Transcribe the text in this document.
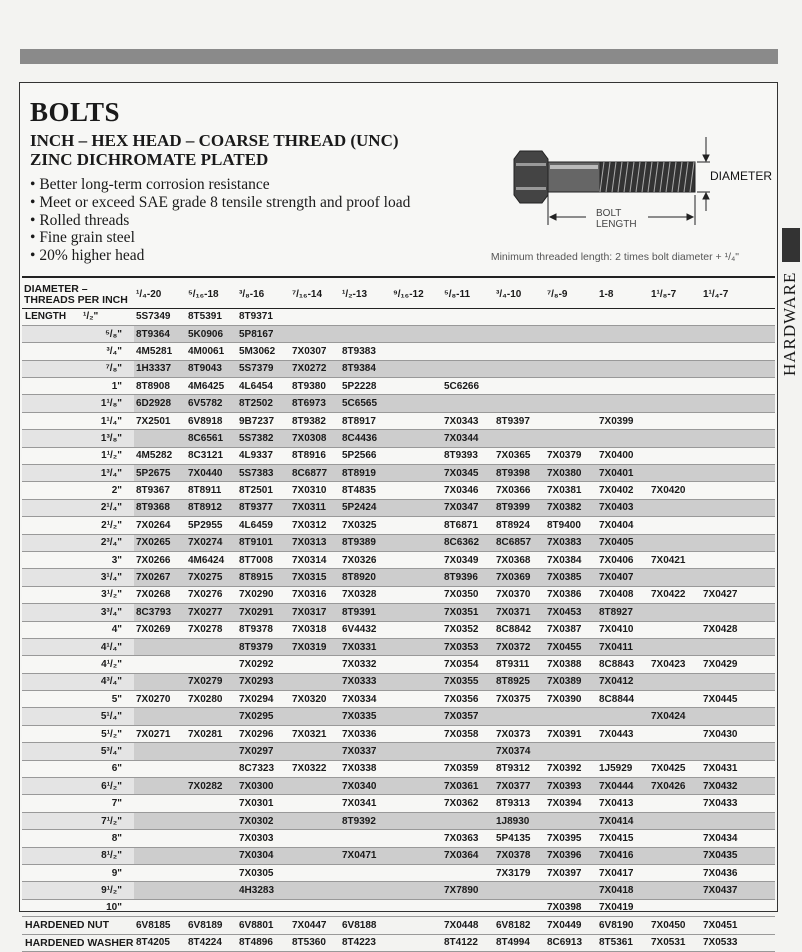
BOLTS
INCH – HEX HEAD – COARSE THREAD (UNC)
ZINC DICHROMATE PLATED
• Better long-term corrosion resistance
• Meet or exceed SAE grade 8 tensile strength and proof load
• Rolled threads
• Fine grain steel
• 20% higher head
DIAMETER
BOLT
LENGTH
Minimum threaded length: 2 times bolt diameter + ¹/₄"
DIAMETER –
THREADS PER INCH	¹/₄-20	⁵/₁₆-18	³/₈-16	⁷/₁₆-14	¹/₂-13	⁹/₁₆-12	⁵/₈-11	³/₄-10	⁷/₈-9	1-8	1¹/₈-7	1¹/₄-7
LENGTH ¹/₂"	5S7349	8T5391	8T9371									
⁵/₈"	8T9364	5K0906	5P8167									
³/₄"	4M5281	4M0061	5M3062	7X0307	8T9383							
⁷/₈"	1H3337	8T9043	5S7379	7X0272	8T9384							
1"	8T8908	4M6425	4L6454	8T9380	5P2228		5C6266					
1¹/₈"	6D2928	6V5782	8T2502	8T6973	5C6565							
1¹/₄"	7X2501	6V8918	9B7237	8T9382	8T8917		7X0343	8T9397		7X0399		
1³/₈"		8C6561	5S7382	7X0308	8C4436		7X0344					
1¹/₂"	4M5282	8C3121	4L9337	8T8916	5P2566		8T9393	7X0365	7X0379	7X0400		
1³/₄"	5P2675	7X0440	5S7383	8C6877	8T8919		7X0345	8T9398	7X0380	7X0401		
2"	8T9367	8T8911	8T2501	7X0310	8T4835		7X0346	7X0366	7X0381	7X0402	7X0420	
2¹/₄"	8T9368	8T8912	8T9377	7X0311	5P2424		7X0347	8T9399	7X0382	7X0403		
2¹/₂"	7X0264	5P2955	4L6459	7X0312	7X0325		8T6871	8T8924	8T9400	7X0404		
2³/₄"	7X0265	7X0274	8T9101	7X0313	8T9389		8C6362	8C6857	7X0383	7X0405		
3"	7X0266	4M6424	8T7008	7X0314	7X0326		7X0349	7X0368	7X0384	7X0406	7X0421	
3¹/₄"	7X0267	7X0275	8T8915	7X0315	8T8920		8T9396	7X0369	7X0385	7X0407		
3¹/₂"	7X0268	7X0276	7X0290	7X0316	7X0328		7X0350	7X0370	7X0386	7X0408	7X0422	7X0427
3³/₄"	8C3793	7X0277	7X0291	7X0317	8T9391		7X0351	7X0371	7X0453	8T8927		
4"	7X0269	7X0278	8T9378	7X0318	6V4432		7X0352	8C8842	7X0387	7X0410		7X0428
4¹/₄"			8T9379	7X0319	7X0331		7X0353	7X0372	7X0455	7X0411		
4¹/₂"			7X0292		7X0332		7X0354	8T9311	7X0388	8C8843	7X0423	7X0429
4³/₄"		7X0279	7X0293		7X0333		7X0355	8T8925	7X0389	7X0412		
5"	7X0270	7X0280	7X0294	7X0320	7X0334		7X0356	7X0375	7X0390	8C8844		7X0445
5¹/₄"			7X0295		7X0335		7X0357				7X0424	
5¹/₂"	7X0271	7X0281	7X0296	7X0321	7X0336		7X0358	7X0373	7X0391	7X0443		7X0430
5³/₄"			7X0297		7X0337			7X0374				
6"			8C7323	7X0322	7X0338		7X0359	8T9312	7X0392	1J5929	7X0425	7X0431
6¹/₂"		7X0282	7X0300		7X0340		7X0361	7X0377	7X0393	7X0444	7X0426	7X0432
7"			7X0301		7X0341		7X0362	8T9313	7X0394	7X0413		7X0433
7¹/₂"			7X0302		8T9392			1J8930		7X0414		
8"			7X0303				7X0363	5P4135	7X0395	7X0415		7X0434
8¹/₂"			7X0304		7X0471		7X0364	7X0378	7X0396	7X0416		7X0435
9"			7X0305					7X3179	7X0397	7X0417		7X0436
9¹/₂"			4H3283				7X7890			7X0418		7X0437
10"									7X0398	7X0419		
HARDENED NUT	6V8185	6V8189	6V8801	7X0447	6V8188		7X0448	6V8182	7X0449	6V8190	7X0450	7X0451
HARDENED WASHER	8T4205	8T4224	8T4896	8T5360	8T4223		8T4122	8T4994	8C6913	8T5361	7X0531	7X0533
HARDWARE
